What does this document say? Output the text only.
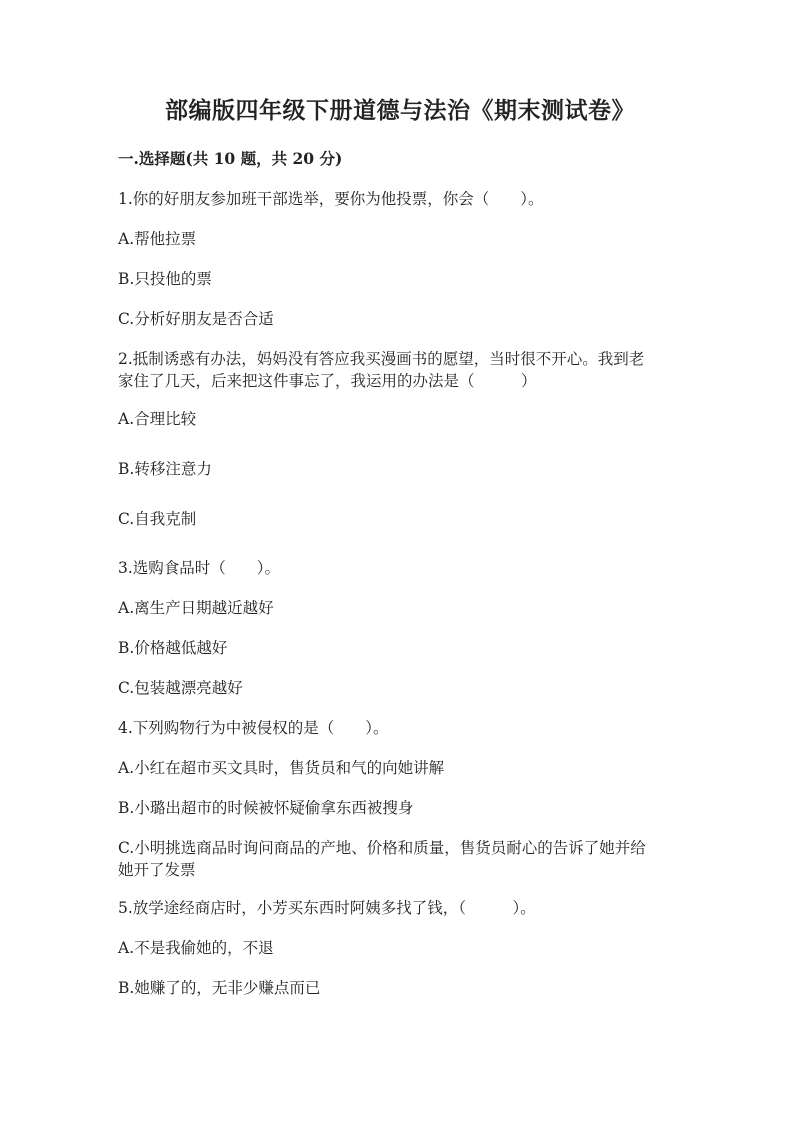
部编版四年级下册道德与法治《期末测试卷》
一.选择题(共 10 题，共 20 分)
1.你的好朋友参加班干部选举，要你为他投票，你会（　　）。
A.帮他拉票
B.只投他的票
C.分析好朋友是否合适
2.抵制诱惑有办法，妈妈没有答应我买漫画书的愿望，当时很不开心。我到老
家住了几天，后来把这件事忘了，我运用的办法是（　　　）
A.合理比较
B.转移注意力
C.自我克制
3.选购食品时（　　）。
A.离生产日期越近越好
B.价格越低越好
C.包装越漂亮越好
4.下列购物行为中被侵权的是（　　）。
A.小红在超市买文具时，售货员和气的向她讲解
B.小璐出超市的时候被怀疑偷拿东西被搜身
C.小明挑选商品时询问商品的产地、价格和质量，售货员耐心的告诉了她并给
她开了发票
5.放学途经商店时，小芳买东西时阿姨多找了钱，（　　　）。
A.不是我偷她的，不退
B.她赚了的，无非少赚点而已
